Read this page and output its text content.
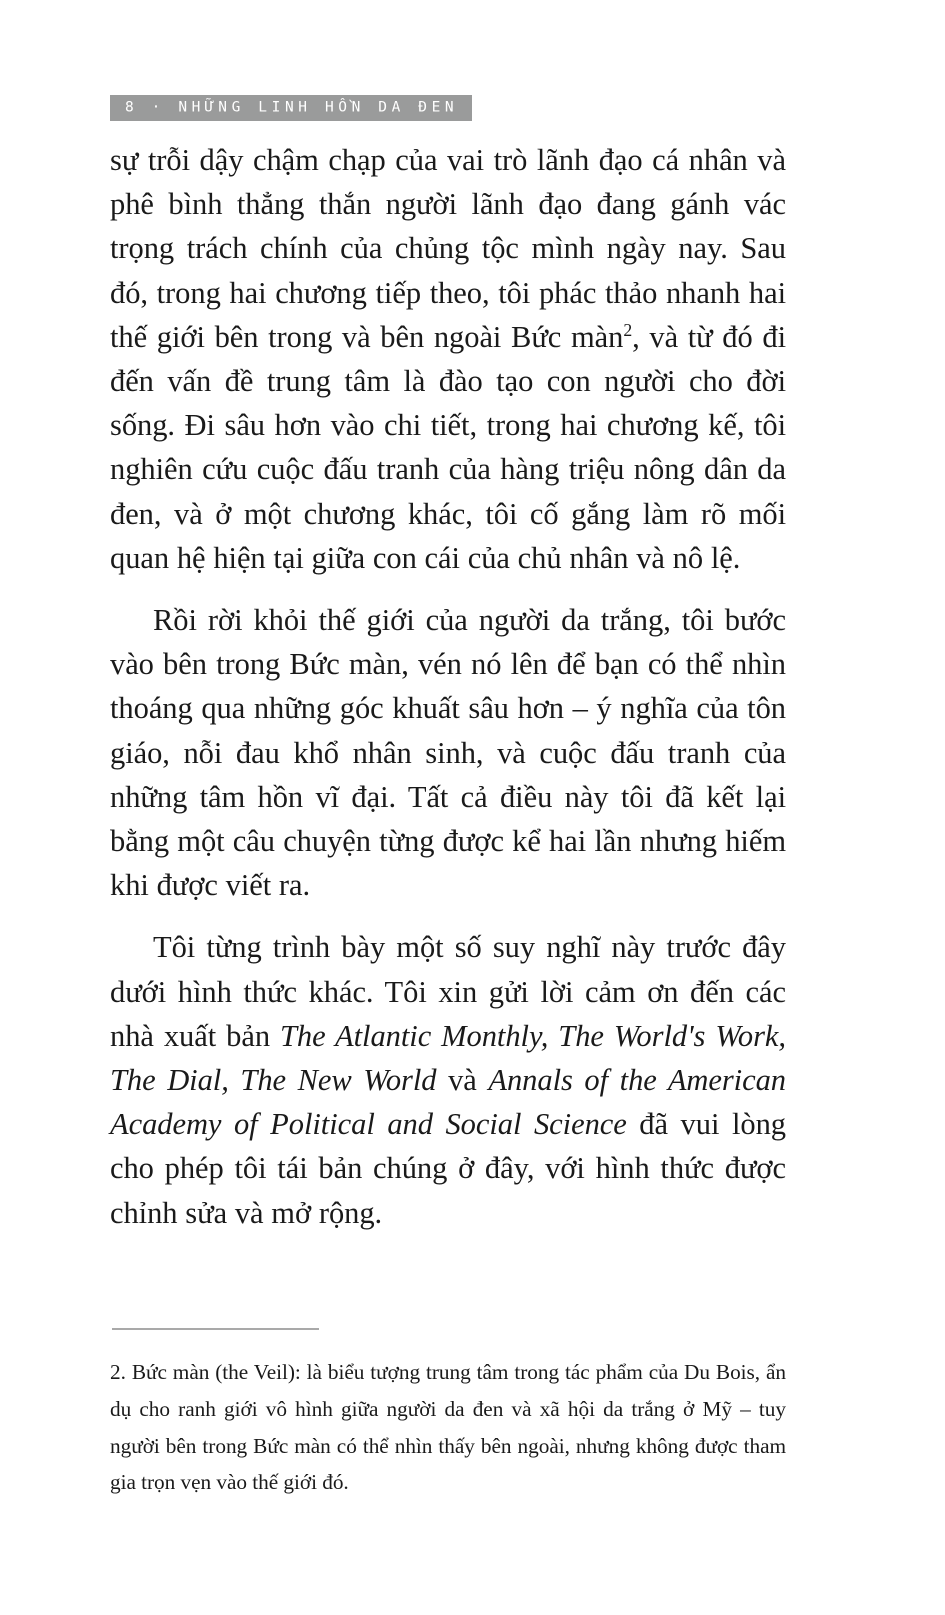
8 · NHỮNG LINH HỒN DA ĐEN

sự trỗi dậy chậm chạp của vai trò lãnh đạo cá nhân và phê bình thẳng thắn người lãnh đạo đang gánh vác trọng trách chính của chủng tộc mình ngày nay. Sau đó, trong hai chương tiếp theo, tôi phác thảo nhanh hai thế giới bên trong và bên ngoài Bức màn$^2$, và từ đó đi đến vấn đề trung tâm là đào tạo con người cho đời sống. Đi sâu hơn vào chi tiết, trong hai chương kế, tôi nghiên cứu cuộc đấu tranh của hàng triệu nông dân da đen, và ở một chương khác, tôi cố gắng làm rõ mối quan hệ hiện tại giữa con cái của chủ nhân và nô lệ.

Rồi rời khỏi thế giới của người da trắng, tôi bước vào bên trong Bức màn, vén nó lên để bạn có thể nhìn thoáng qua những góc khuất sâu hơn – ý nghĩa của tôn giáo, nỗi đau khổ nhân sinh, và cuộc đấu tranh của những tâm hồn vĩ đại. Tất cả điều này tôi đã kết lại bằng một câu chuyện từng được kể hai lần nhưng hiếm khi được viết ra.

Tôi từng trình bày một số suy nghĩ này trước đây dưới hình thức khác. Tôi xin gửi lời cảm ơn đến các nhà xuất bản The Atlantic Monthly, The World's Work, The Dial, The New World và Annals of the American Academy of Political and Social Science đã vui lòng cho phép tôi tái bản chúng ở đây, với hình thức được chỉnh sửa và mở rộng.

2. Bức màn (the Veil): là biểu tượng trung tâm trong tác phẩm của Du Bois, ẩn dụ cho ranh giới vô hình giữa người da đen và xã hội da trắng ở Mỹ – tuy người bên trong Bức màn có thể nhìn thấy bên ngoài, nhưng không được tham gia trọn vẹn vào thế giới đó.
